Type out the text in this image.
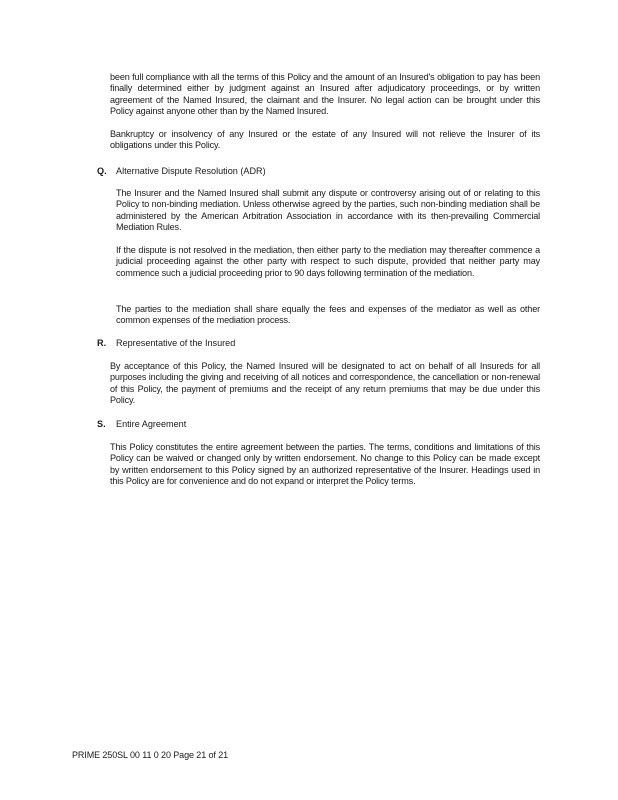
been full compliance with all the terms of this Policy and the amount of an Insured's obligation to pay has been finally determined either by judgment against an Insured after adjudicatory proceedings, or by written agreement of the Named Insured, the claimant and the Insurer. No legal action can be brought under this Policy against anyone other than by the Named Insured.
Bankruptcy or insolvency of any Insured or the estate of any Insured will not relieve the Insurer of its obligations under this Policy.
Q. Alternative Dispute Resolution (ADR)
The Insurer and the Named Insured shall submit any dispute or controversy arising out of or relating to this Policy to non-binding mediation. Unless otherwise agreed by the parties, such non-binding mediation shall be administered by the American Arbitration Association in accordance with its then-prevailing Commercial Mediation Rules.
If the dispute is not resolved in the mediation, then either party to the mediation may thereafter commence a judicial proceeding against the other party with respect to such dispute, provided that neither party may commence such a judicial proceeding prior to 90 days following termination of the mediation.
The parties to the mediation shall share equally the fees and expenses of the mediator as well as other common expenses of the mediation process.
R. Representative of the Insured
By acceptance of this Policy, the Named Insured will be designated to act on behalf of all Insureds for all purposes including the giving and receiving of all notices and correspondence, the cancellation or non-renewal of this Policy, the payment of premiums and the receipt of any return premiums that may be due under this Policy.
S. Entire Agreement
This Policy constitutes the entire agreement between the parties. The terms, conditions and limitations of this Policy can be waived or changed only by written endorsement. No change to this Policy can be made except by written endorsement to this Policy signed by an authorized representative of the Insurer. Headings used in this Policy are for convenience and do not expand or interpret the Policy terms.
PRIME 250SL 00 11 0 20 Page 21 of 21
